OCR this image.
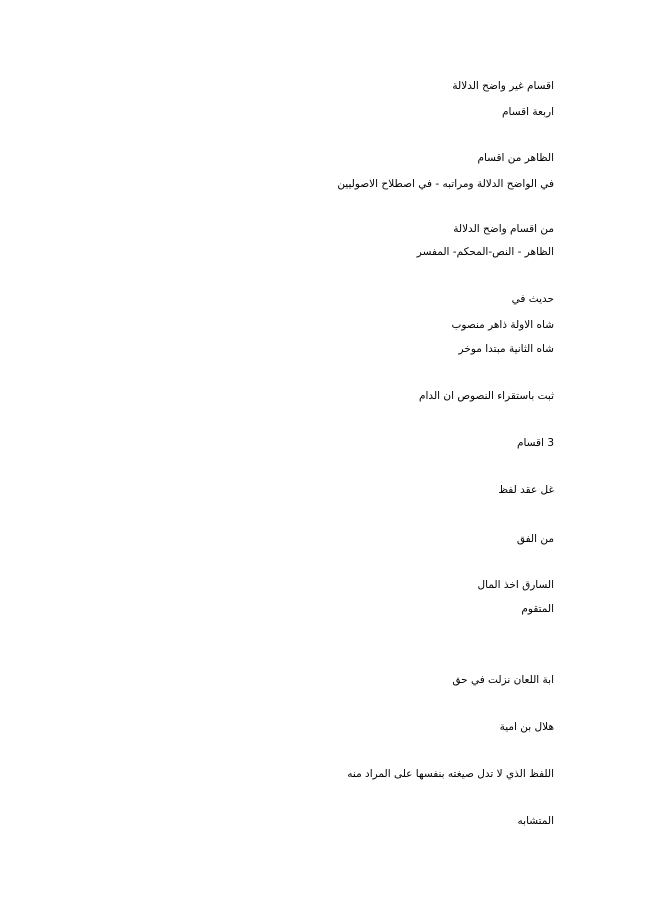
اقسام غير واضح الدلالة
اربعة اقسام
الظاهر من اقسام
في الواضح الدلالة ومراتبه - في اصطلاح الاصوليين
من اقسام واضح الدلالة
الظاهر - النص-المحكم- المفسر
حديث في
شاه الاولة ذاهر منصوب
شاه الثانية مبتدا موخر
ثبت باستقراء النصوص ان الدام
3 اقسام
غل عقد لفظ
من الفق
السارق اخذ المال
المتقوم
ابة اللعان نزلت في حق
هلال بن امية
اللفظ الذي لا تدل صيغته بنفسها على المراد منه
المتشابه
